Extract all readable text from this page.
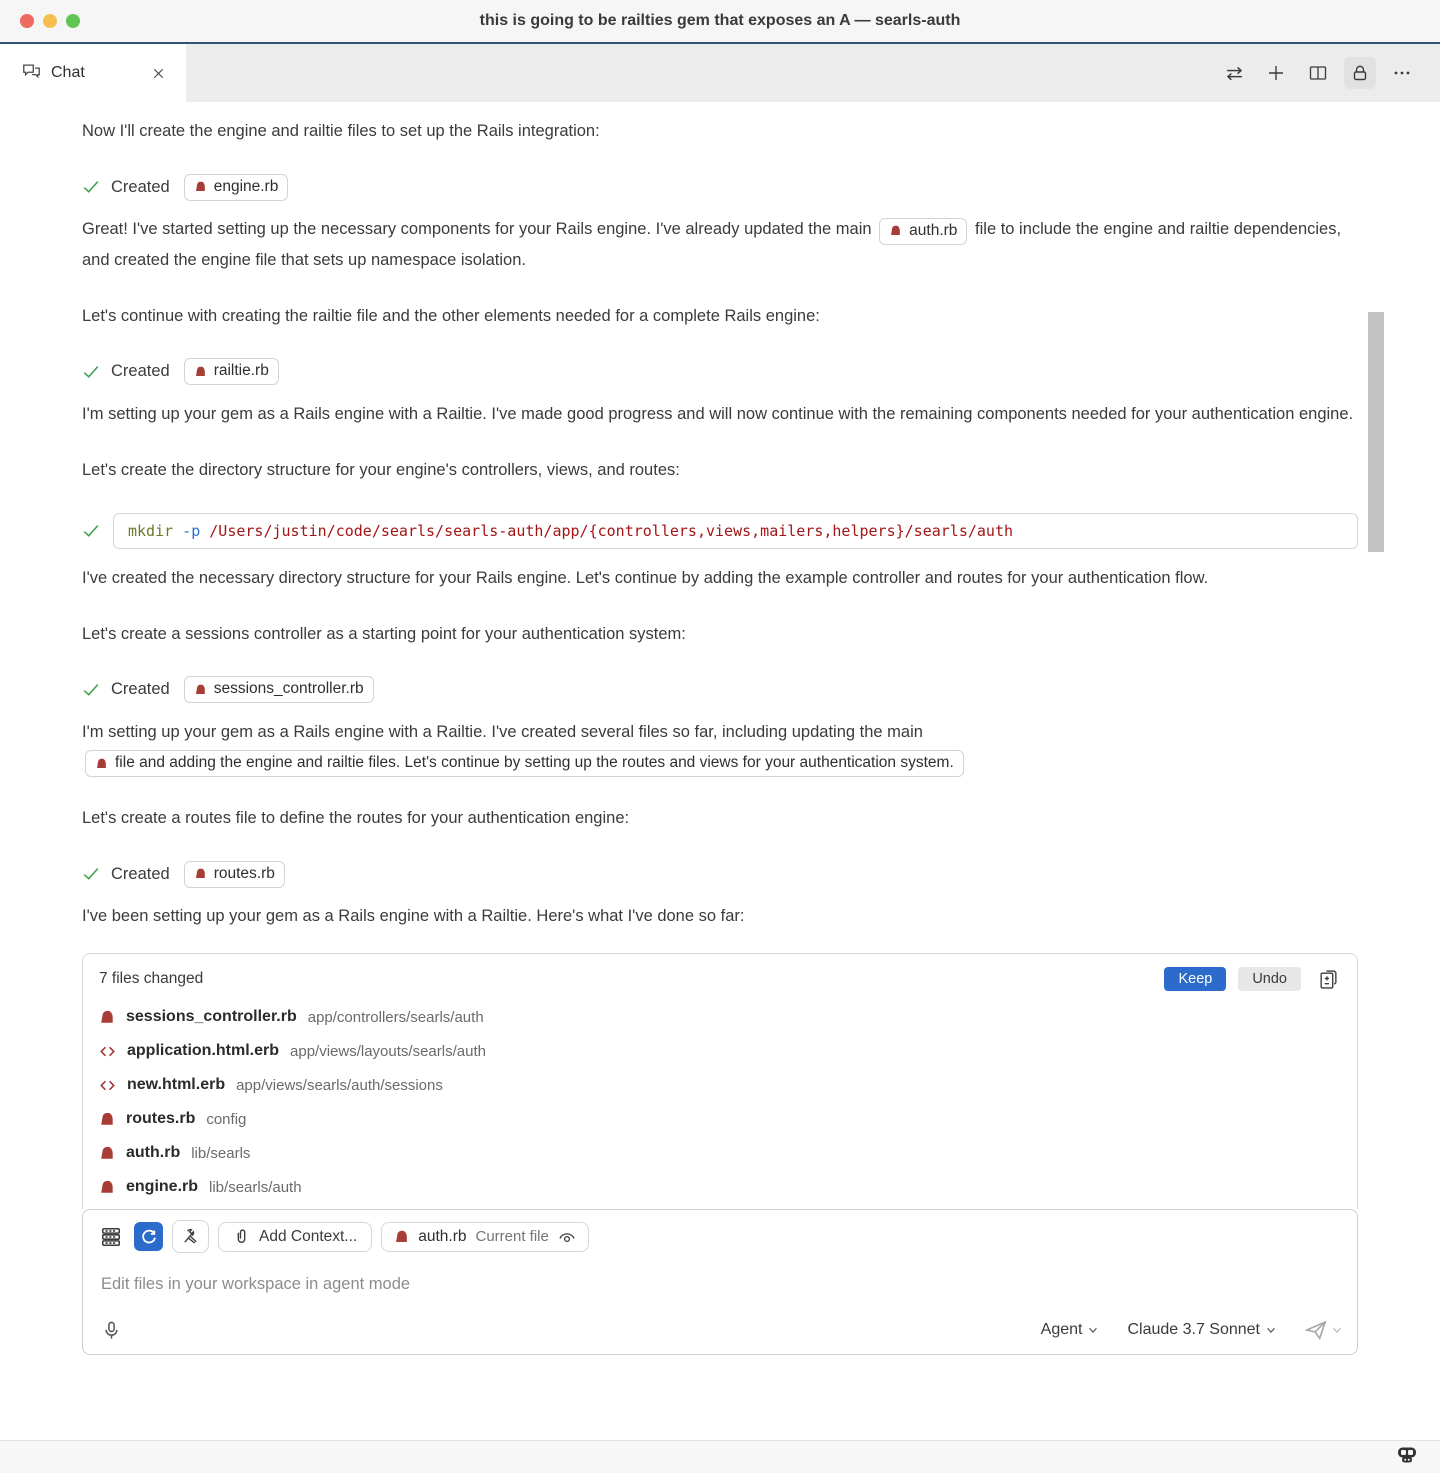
this is going to be railties gem that exposes an A — searls-auth
Chat

Now I'll create the engine and railtie files to set up the Rails integration:

Created	engine.rb

Great! I've started setting up the necessary components for your Rails engine. I've already updated the main auth.rb file to include the engine and railtie dependencies, and created the engine file that sets up namespace isolation.

Let's continue with creating the railtie file and the other elements needed for a complete Rails engine:

Created	railtie.rb

I'm setting up your gem as a Rails engine with a Railtie. I've made good progress and will now continue with the remaining components needed for your authentication engine.

Let's create the directory structure for your engine's controllers, views, and routes:

mkdir -p /Users/justin/code/searls/searls-auth/app/{controllers,views,mailers,helpers}/searls/auth

I've created the necessary directory structure for your Rails engine. Let's continue by adding the example controller and routes for your authentication flow.

Let's create a sessions controller as a starting point for your authentication system:

Created	sessions_controller.rb

I'm setting up your gem as a Rails engine with a Railtie. I've created several files so far, including updating the main
file and adding the engine and railtie files. Let's continue by setting up the routes and views for your authentication system.

Let's create a routes file to define the routes for your authentication engine:

Created	routes.rb

I've been setting up your gem as a Rails engine with a Railtie. Here's what I've done so far:

7 files changed	Keep	Undo
sessions_controller.rb app/controllers/searls/auth
application.html.erb app/views/layouts/searls/auth
new.html.erb app/views/searls/auth/sessions
routes.rb config
auth.rb lib/searls
engine.rb lib/searls/auth
Add Context...	auth.rb Current file
Edit files in your workspace in agent mode
Agent	Claude 3.7 Sonnet
